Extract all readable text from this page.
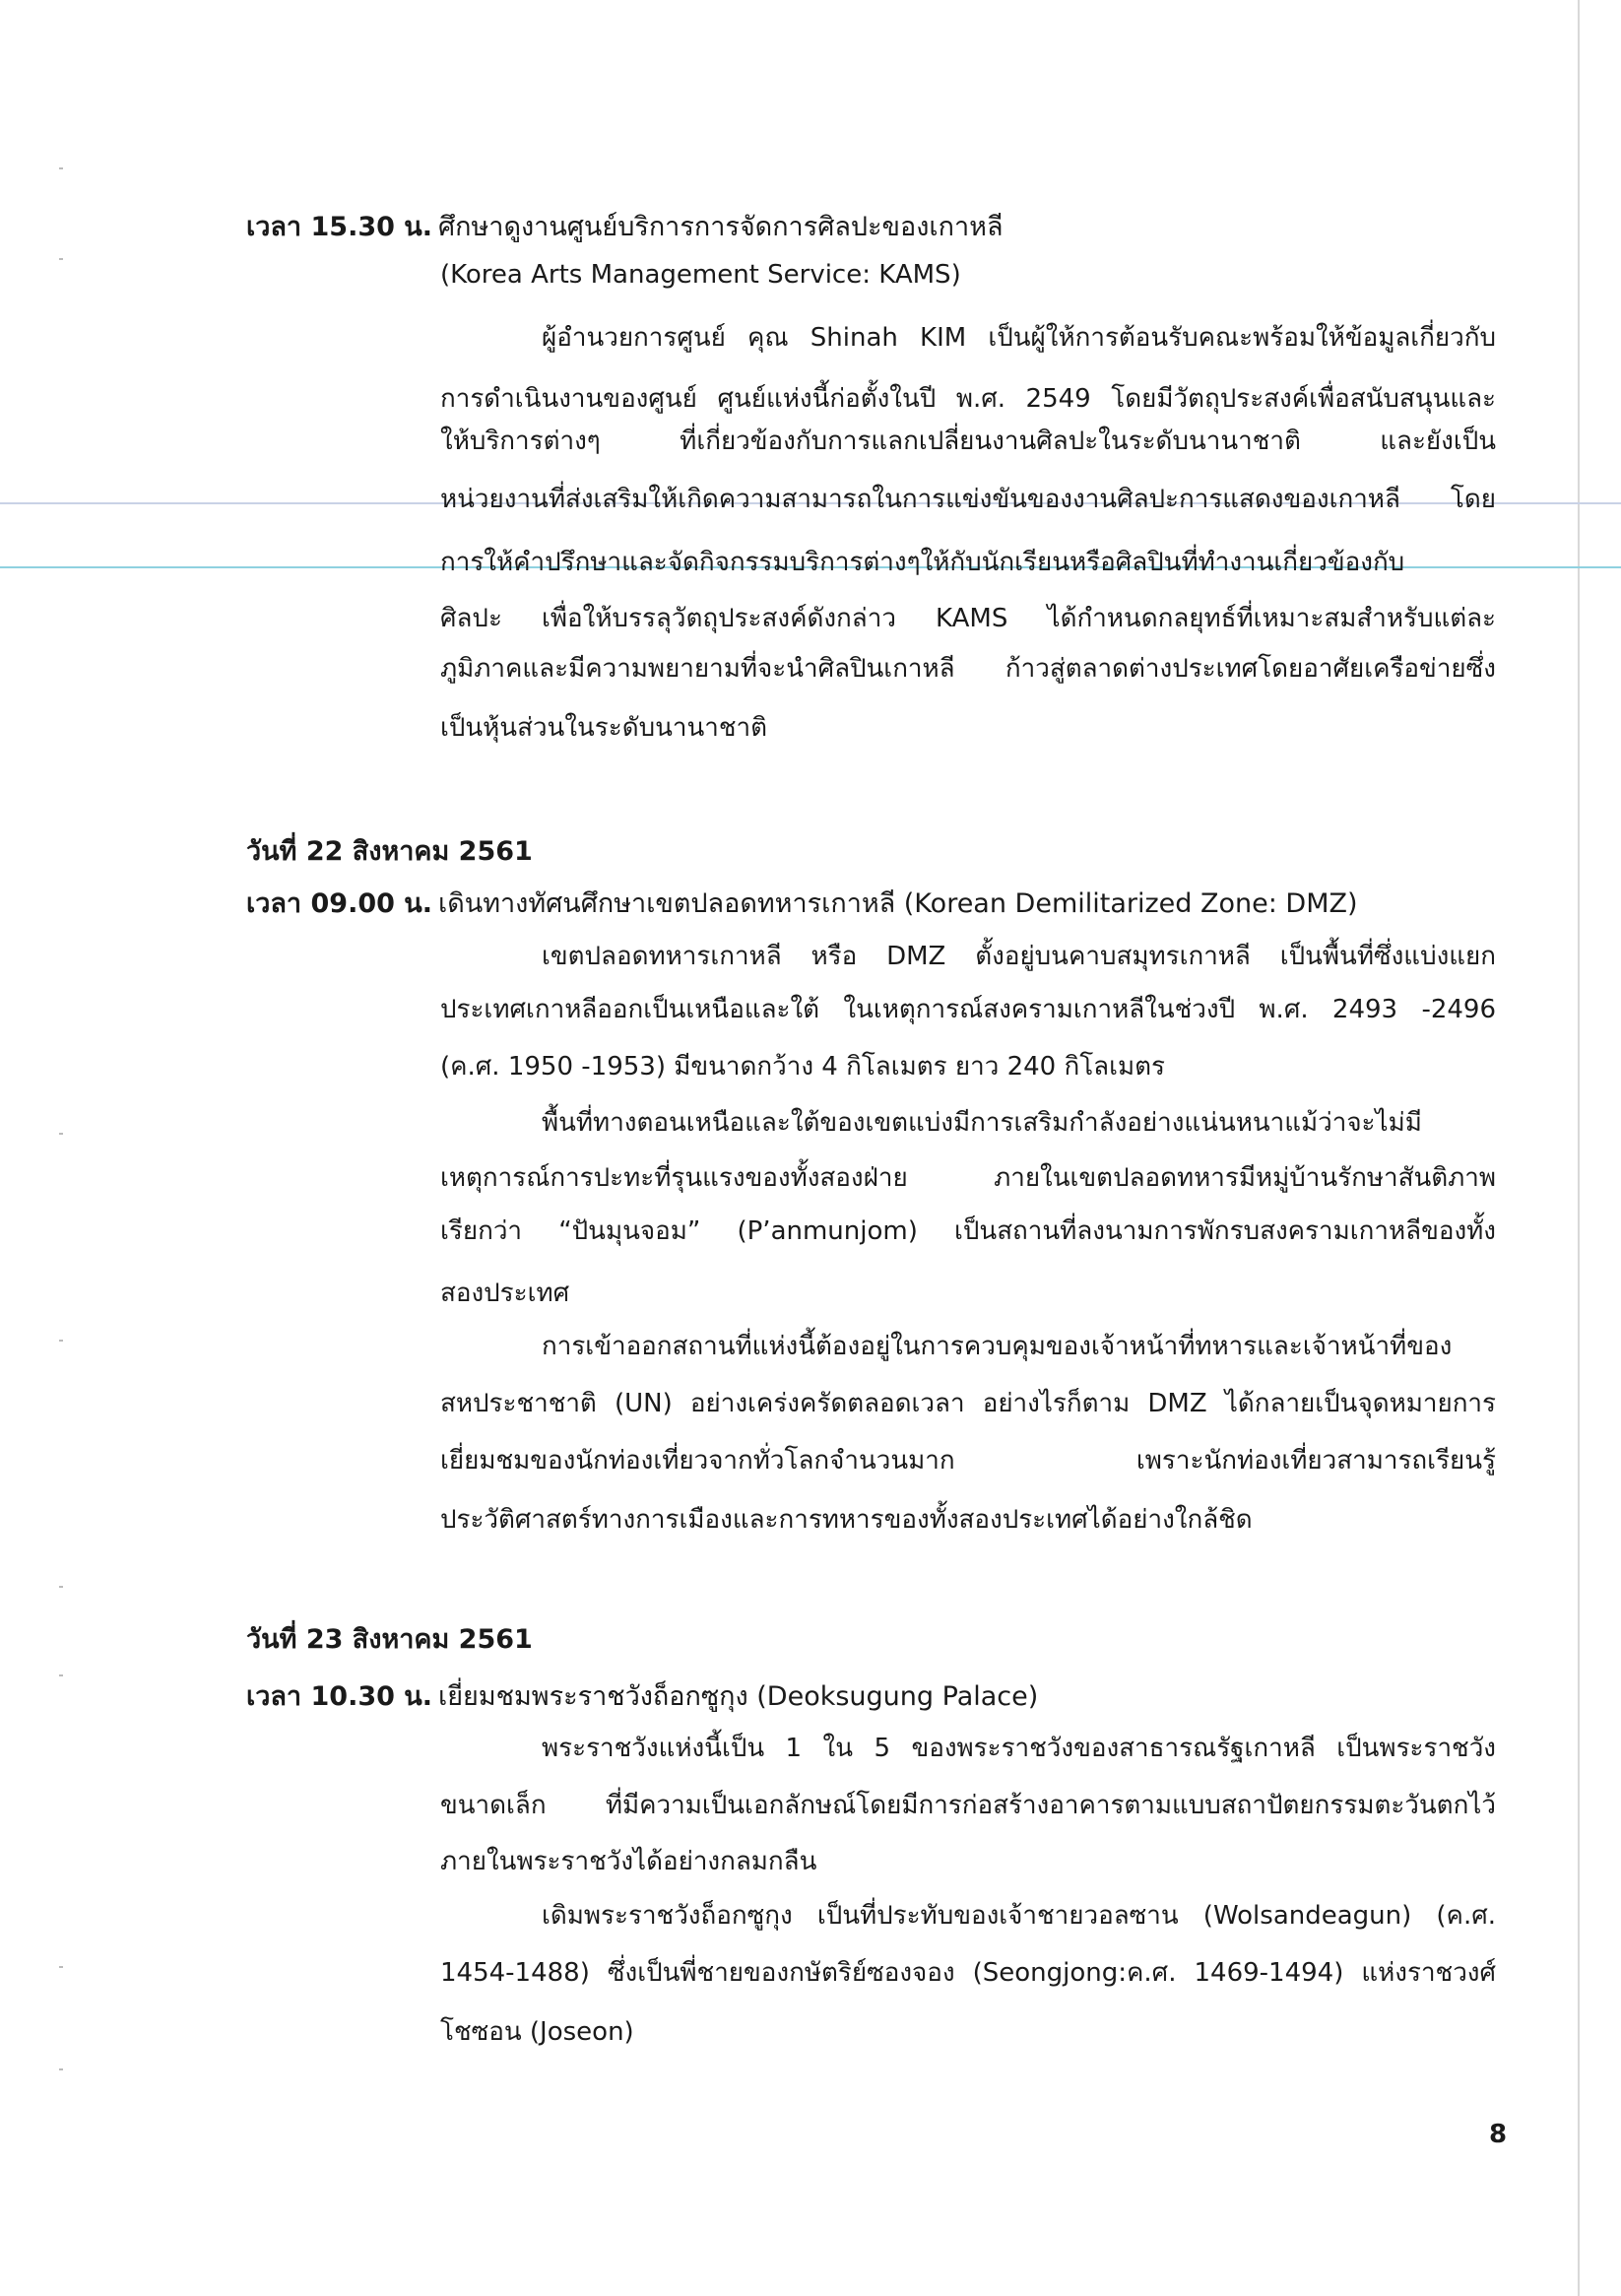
เวลา 15.30 น. ศึกษาดูงานศูนย์บริการการจัดการศิลปะของเกาหลี
(Korea Arts Management Service: KAMS)
ผู้อำนวยการศูนย์ คุณ Shinah KIM เป็นผู้ให้การต้อนรับคณะพร้อมให้ข้อมูลเกี่ยวกับ
การดำเนินงานของศูนย์ ศูนย์แห่งนี้ก่อตั้งในปี พ.ศ. 2549 โดยมีวัตถุประสงค์เพื่อสนับสนุนและ
ให้บริการต่างๆ ที่เกี่ยวข้องกับการแลกเปลี่ยนงานศิลปะในระดับนานาชาติ และยังเป็น
หน่วยงานที่ส่งเสริมให้เกิดความสามารถในการแข่งขันของงานศิลปะการแสดงของเกาหลี โดย
การให้คำปรึกษาและจัดกิจกรรมบริการต่างๆให้กับนักเรียนหรือศิลปินที่ทำงานเกี่ยวข้องกับ
ศิลปะ เพื่อให้บรรลุวัตถุประสงค์ดังกล่าว KAMS ได้กำหนดกลยุทธ์ที่เหมาะสมสำหรับแต่ละ
ภูมิภาคและมีความพยายามที่จะนำศิลปินเกาหลี ก้าวสู่ตลาดต่างประเทศโดยอาศัยเครือข่ายซึ่ง
เป็นหุ้นส่วนในระดับนานาชาติ
วันที่ 22 สิงหาคม 2561
เวลา 09.00 น. เดินทางทัศนศึกษาเขตปลอดทหารเกาหลี (Korean Demilitarized Zone: DMZ)
เขตปลอดทหารเกาหลี หรือ DMZ ตั้งอยู่บนคาบสมุทรเกาหลี เป็นพื้นที่ซึ่งแบ่งแยก
ประเทศเกาหลีออกเป็นเหนือและใต้ ในเหตุการณ์สงครามเกาหลีในช่วงปี พ.ศ. 2493 -2496
(ค.ศ. 1950 -1953) มีขนาดกว้าง 4 กิโลเมตร ยาว 240 กิโลเมตร
พื้นที่ทางตอนเหนือและใต้ของเขตแบ่งมีการเสริมกำลังอย่างแน่นหนาแม้ว่าจะไม่มี
เหตุการณ์การปะทะที่รุนแรงของทั้งสองฝ่าย ภายในเขตปลอดทหารมีหมู่บ้านรักษาสันติภาพ
เรียกว่า “ปันมุนจอม” (P’anmunjom) เป็นสถานที่ลงนามการพักรบสงครามเกาหลีของทั้ง
สองประเทศ
การเข้าออกสถานที่แห่งนี้ต้องอยู่ในการควบคุมของเจ้าหน้าที่ทหารและเจ้าหน้าที่ของ
สหประชาชาติ (UN) อย่างเคร่งครัดตลอดเวลา อย่างไรก็ตาม DMZ ได้กลายเป็นจุดหมายการ
เยี่ยมชมของนักท่องเที่ยวจากทั่วโลกจำนวนมาก เพราะนักท่องเที่ยวสามารถเรียนรู้
ประวัติศาสตร์ทางการเมืองและการทหารของทั้งสองประเทศได้อย่างใกล้ชิด
วันที่ 23 สิงหาคม 2561
เวลา 10.30 น. เยี่ยมชมพระราชวังถ็อกซูกุง (Deoksugung Palace)
พระราชวังแห่งนี้เป็น 1 ใน 5 ของพระราชวังของสาธารณรัฐเกาหลี เป็นพระราชวัง
ขนาดเล็ก ที่มีความเป็นเอกลักษณ์โดยมีการก่อสร้างอาคารตามแบบสถาปัตยกรรมตะวันตกไว้
ภายในพระราชวังได้อย่างกลมกลืน
เดิมพระราชวังถ็อกซูกุง เป็นที่ประทับของเจ้าชายวอลซาน (Wolsandeagun) (ค.ศ.
1454-1488) ซึ่งเป็นพี่ชายของกษัตริย์ซองจอง (Seongjong:ค.ศ. 1469-1494) แห่งราชวงศ์
โชซอน (Joseon)
8
